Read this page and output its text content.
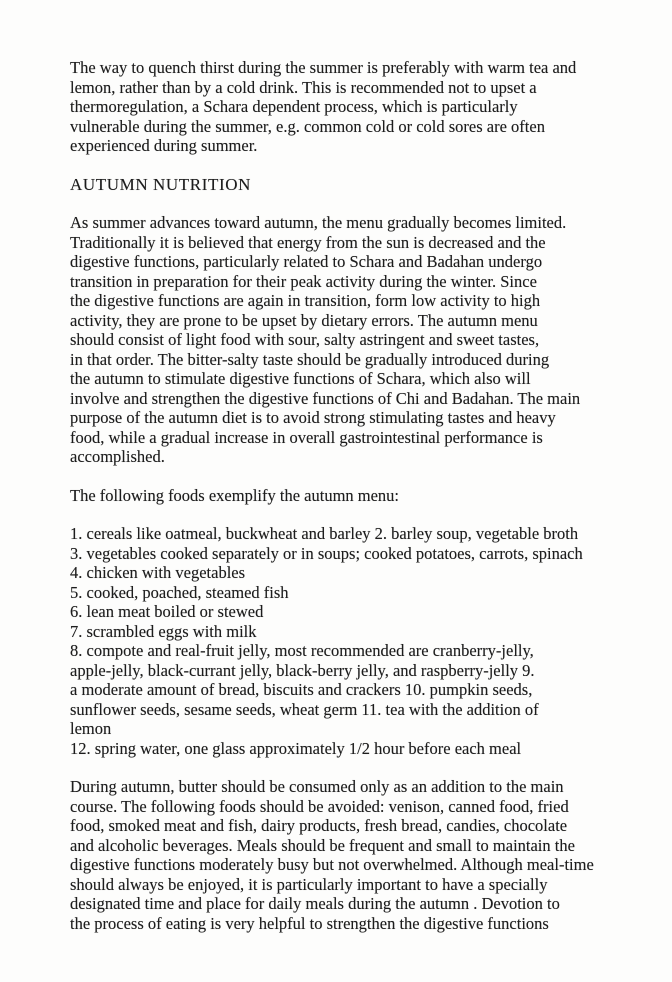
The way to quench thirst during the summer is preferably with warm tea and
lemon, rather than by a cold drink. This is recommended not to upset a
thermoregulation, a Schara dependent process, which is particularly
vulnerable during the summer, e.g. common cold or cold sores are often
experienced during summer.
AUTUMN NUTRITION
As summer advances toward autumn, the menu gradually becomes limited.
Traditionally it is believed that energy from the sun is decreased and the
digestive functions, particularly related to Schara and Badahan undergo
transition in preparation for their peak activity during the winter. Since
the digestive functions are again in transition, form low activity to high
activity, they are prone to be upset by dietary errors. The autumn menu
should consist of light food with sour, salty astringent and sweet tastes,
in that order. The bitter-salty taste should be gradually introduced during
the autumn to stimulate digestive functions of Schara, which also will
involve and strengthen the digestive functions of Chi and Badahan. The main
purpose of the autumn diet is to avoid strong stimulating tastes and heavy
food, while a gradual increase in overall gastrointestinal performance is
accomplished.
The following foods exemplify the autumn menu:
1. cereals like oatmeal, buckwheat and barley 2. barley soup, vegetable broth
3. vegetables cooked separately or in soups; cooked potatoes, carrots, spinach
4. chicken with vegetables
5. cooked, poached, steamed fish
6. lean meat boiled or stewed
7. scrambled eggs with milk
8. compote and real-fruit jelly, most recommended are cranberry-jelly,
apple-jelly, black-currant jelly, black-berry jelly, and raspberry-jelly 9.
a moderate amount of bread, biscuits and crackers 10. pumpkin seeds,
sunflower seeds, sesame seeds, wheat germ 11. tea with the addition of
lemon
12. spring water, one glass approximately 1/2 hour before each meal
During autumn, butter should be consumed only as an addition to the main
course. The following foods should be avoided: venison, canned food, fried
food, smoked meat and fish, dairy products, fresh bread, candies, chocolate
and alcoholic beverages. Meals should be frequent and small to maintain the
digestive functions moderately busy but not overwhelmed. Although meal-time
should always be enjoyed, it is particularly important to have a specially
designated time and place for daily meals during the autumn . Devotion to
the process of eating is very helpful to strengthen the digestive functions
